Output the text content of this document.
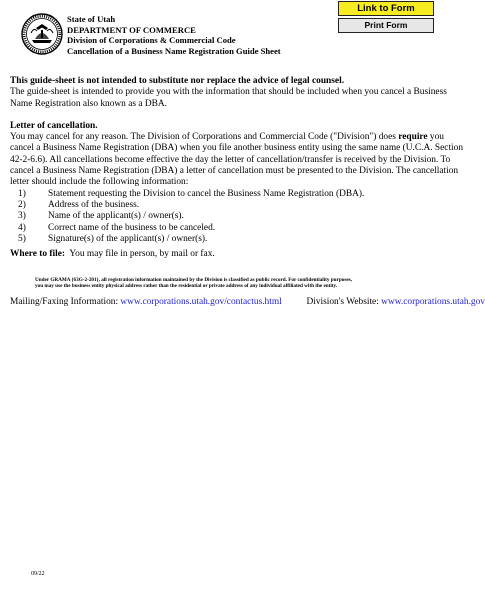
State of Utah
DEPARTMENT OF COMMERCE
Division of Corporations & Commercial Code
Cancellation of a Business Name Registration Guide Sheet
Link to Form
Print Form
This guide-sheet is not intended to substitute nor replace the advice of legal counsel.
The guide-sheet is intended to provide you with the information that should be included when you cancel a Business Name Registration also known as a DBA.
Letter of cancellation.
You may cancel for any reason. The Division of Corporations and Commercial Code ("Division") does require you cancel a Business Name Registration (DBA) when you file another business entity using the same name (U.C.A. Section 42-2-6.6). All cancellations become effective the day the letter of cancellation/transfer is received by the Division. To cancel a Business Name Registration (DBA) a letter of cancellation must be presented to the Division. The cancellation letter should include the following information:
1)	Statement requesting the Division to cancel the Business Name Registration (DBA).
2)	Address of the business.
3)	Name of the applicant(s) / owner(s).
4)	Correct name of the business to be canceled.
5)	Signature(s) of the applicant(s) / owner(s).
Where to file:  You may file in person, by mail or fax.
Under GRAMA {63G-2-201}, all registration information maintained by the Division is classified as public record. For confidentiality purposes,
you may use the business entity physical address rather than the residential or private address of any individual affiliated with the entity.
Mailing/Faxing Information: www.corporations.utah.gov/contactus.html	Division's Website: www.corporations.utah.gov
09/22
